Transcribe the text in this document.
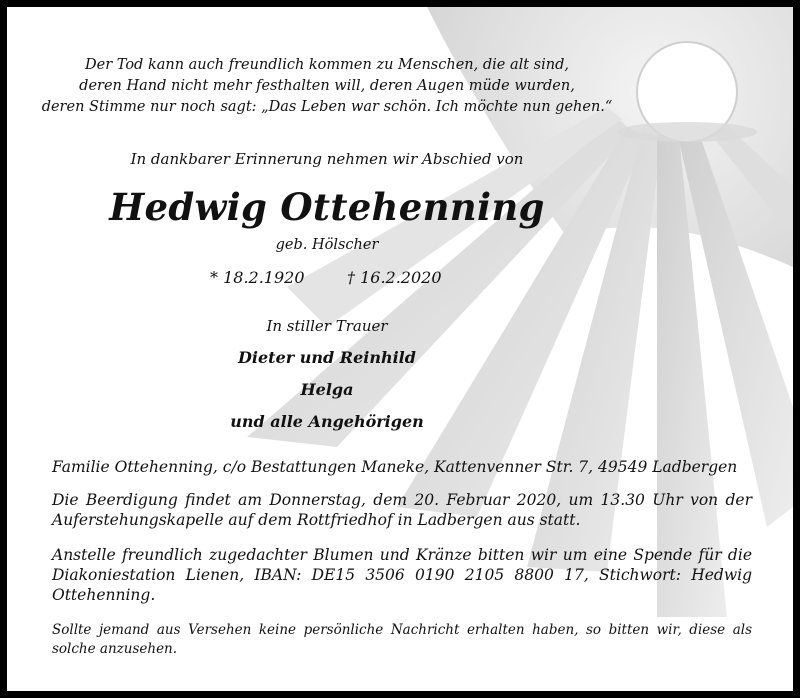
Der Tod kann auch freundlich kommen zu Menschen, die alt sind,
deren Hand nicht mehr festhalten will, deren Augen müde wurden,
deren Stimme nur noch sagt: „Das Leben war schön. Ich möchte nun gehen.“
In dankbarer Erinnerung nehmen wir Abschied von
Hedwig Ottehenning
geb. Hölscher
* 18.2.1920	† 16.2.2020
In stiller Trauer
Dieter und Reinhild
Helga
und alle Angehörigen
Familie Ottehenning, c/o Bestattungen Maneke, Kattenvenner Str. 7, 49549 Ladbergen
Die Beerdigung findet am Donnerstag, dem 20. Februar 2020, um 13.30 Uhr von der Auferstehungskapelle auf dem Rottfriedhof in Ladbergen aus statt.
Anstelle freundlich zugedachter Blumen und Kränze bitten wir um eine Spende für die Diakoniestation Lienen, IBAN: DE15 3506 0190 2105 8800 17, Stichwort: Hedwig Ottehenning.
Sollte jemand aus Versehen keine persönliche Nachricht erhalten haben, so bitten wir, diese als solche anzusehen.
